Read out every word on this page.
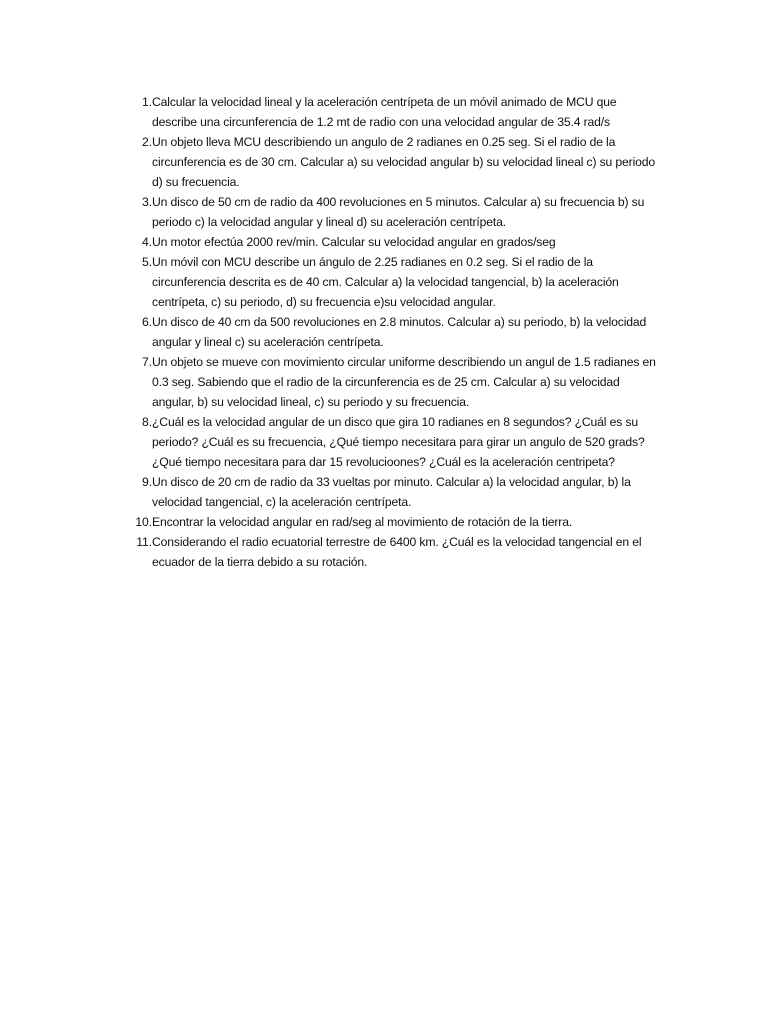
1. Calcular la velocidad lineal y la aceleración centrípeta de un móvil animado de MCU que describe una circunferencia de 1.2 mt de radio con una velocidad angular de 35.4 rad/s
2. Un objeto lleva MCU describiendo un angulo de 2 radianes en 0.25 seg. Si el radio de la circunferencia es de 30 cm. Calcular a) su velocidad angular b) su velocidad lineal c) su periodo d) su frecuencia.
3. Un disco de 50 cm de radio da 400 revoluciones en 5 minutos. Calcular a) su frecuencia b) su periodo c) la velocidad angular y lineal d) su aceleración centrípeta.
4. Un motor efectúa 2000 rev/min. Calcular su velocidad angular en grados/seg
5. Un móvil con MCU describe un ángulo de 2.25 radianes en 0.2 seg. Si el radio de la circunferencia descrita es de 40 cm. Calcular a) la velocidad tangencial, b) la aceleración centrípeta, c) su periodo, d) su frecuencia e)su velocidad angular.
6. Un disco de 40 cm da 500 revoluciones en 2.8 minutos. Calcular a) su periodo, b) la velocidad angular y lineal c) su aceleración centrípeta.
7. Un objeto se mueve con movimiento circular uniforme describiendo un angul de 1.5 radianes en 0.3 seg. Sabiendo que el radio de la circunferencia es de 25 cm. Calcular a) su velocidad angular, b) su velocidad lineal, c) su periodo y su frecuencia.
8. ¿Cuál es la velocidad angular de un disco que gira 10 radianes en 8 segundos? ¿Cuál es su periodo? ¿Cuál es su frecuencia, ¿Qué tiempo necesitara para girar un angulo de 520 grads? ¿Qué tiempo necesitara para dar 15 revolucioones? ¿Cuál es la aceleración centripeta?
9. Un disco de 20 cm de radio da 33 vueltas por minuto. Calcular a) la velocidad angular, b) la velocidad tangencial, c) la aceleración centrípeta.
10. Encontrar la velocidad angular en rad/seg al movimiento de rotación de la tierra.
11. Considerando el radio ecuatorial terrestre de 6400 km. ¿Cuál es la velocidad tangencial en el ecuador de la tierra debido a su rotación.
